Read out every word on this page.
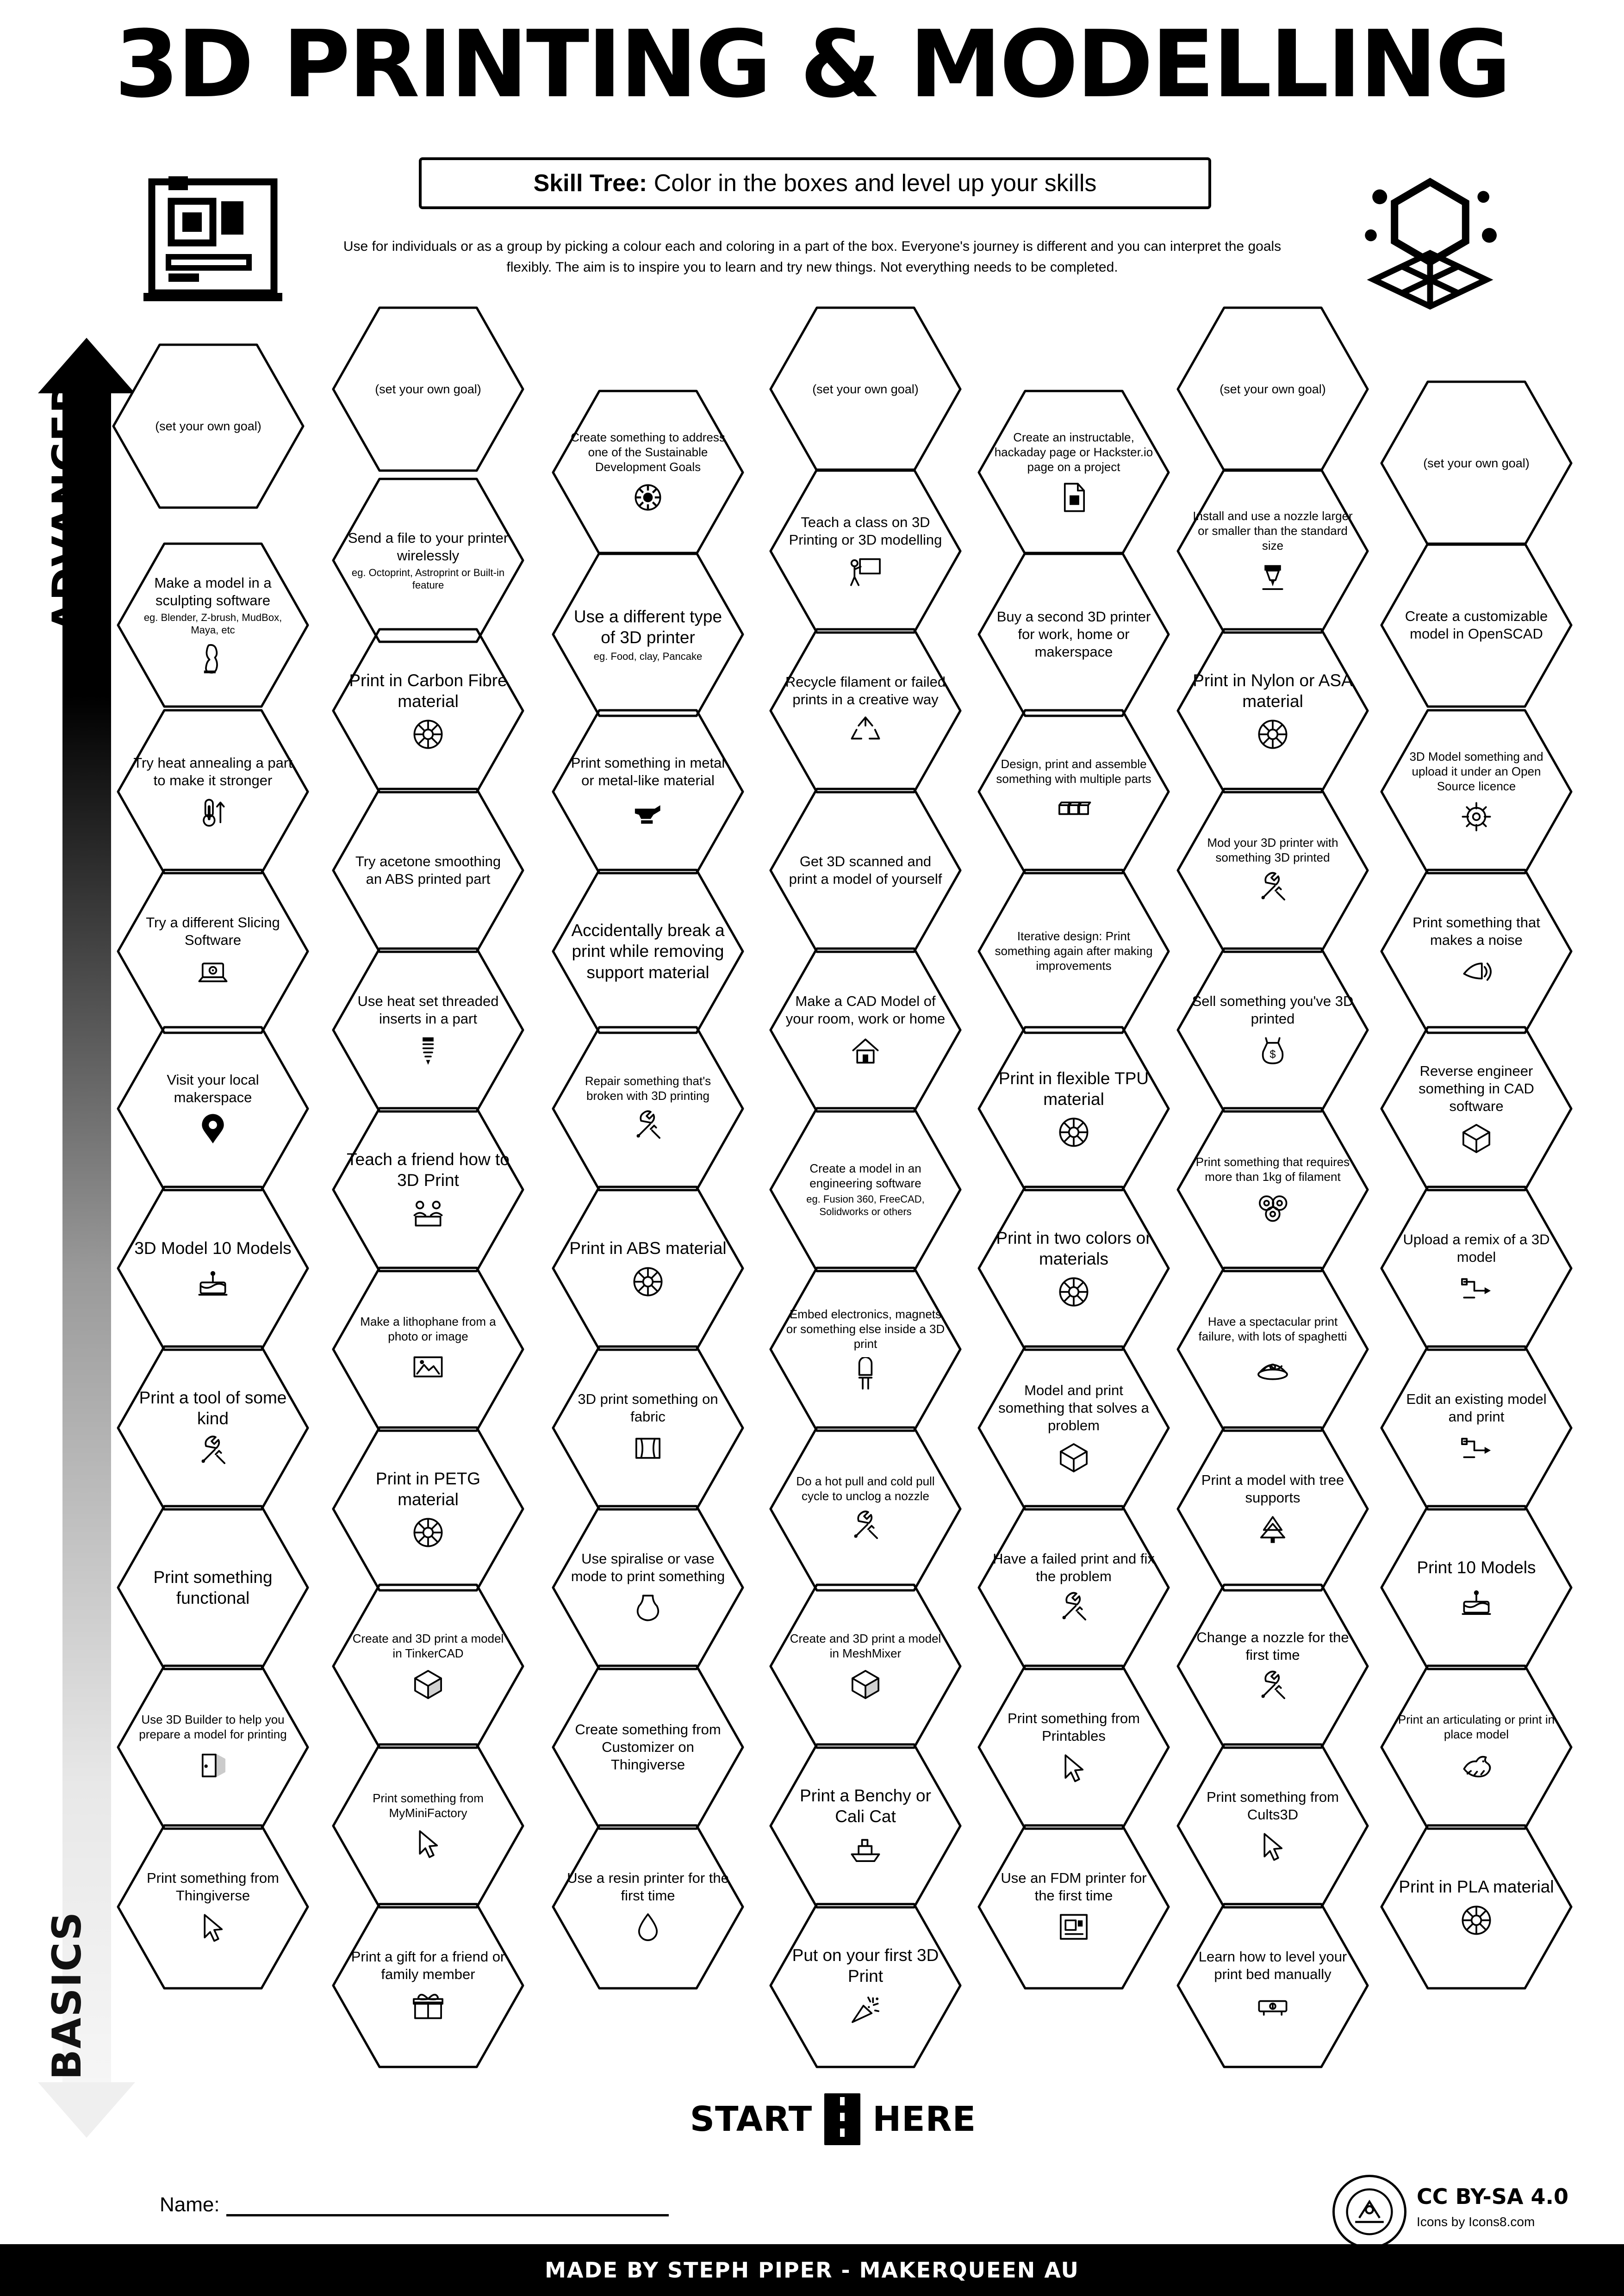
3D PRINTING & MODELLING
Skill Tree: Color in the boxes and level up your skills
Use for individuals or as a group by picking a colour each and coloring in a part of the box. Everyone's journey is different and you can interpret the goals flexibly. The aim is to inspire you to learn and try new things. Not everything needs to be completed.
ADVANCED
BASICS
(set your own goal)
(set your own goal)	(set your own goal)	(set your own goal)
(set your own goal)
Create something to address one of the Sustainable Development Goals
Create an instructable, hackaday page or Hackster.io page on a project
Send a file to your printer wirelessly
eg. Octoprint, Astroprint or Built-in feature
Teach a class on 3D Printing or 3D modelling
Install and use a nozzle larger or smaller than the standard size
Make a model in a sculpting software
eg. Blender, Z-brush, MudBox, Maya, etc
Use a different type of 3D printer
eg. Food, clay, Pancake
Buy a second 3D printer for work, home or makerspace
Create a customizable model in OpenSCAD
Print in Carbon Fibre material
Recycle filament or failed prints in a creative way
Print in Nylon or ASA material
Try heat annealing a part to make it stronger
Print something in metal or metal-like material
Design, print and assemble something with multiple parts
3D Model something and upload it under an Open Source licence
Try acetone smoothing an ABS printed part
Get 3D scanned and print a model of yourself
Mod your 3D printer with something 3D printed
Try a different Slicing Software
Accidentally break a print while removing support material
Iterative design: Print something again after making improvements
Print something that makes a noise
Use heat set threaded inserts in a part
Make a CAD Model of your room, work or home
Sell something you've 3D printed
$
Visit your local makerspace
Repair something that's broken with 3D printing
Print in flexible TPU material
Reverse engineer something in CAD software
Teach a friend how to 3D Print
Create a model in an engineering software
eg. Fusion 360, FreeCAD, Solidworks or others
Print something that requires more than 1kg of filament
3D Model 10 Models	Print in ABS material
Print in two colors or materials
Upload a remix of a 3D model
Make a lithophane from a photo or image
Embed electronics, magnets or something else inside a 3D print
Have a spectacular print failure, with lots of spaghetti
Print a tool of some kind
3D print something on fabric
Model and print something that solves a problem
Edit an existing model and print
Print in PETG material
Do a hot pull and cold pull cycle to unclog a nozzle
Print a model with tree supports
Print something functional
Use spiralise or vase mode to print something
Have a failed print and fix the problem	Print 10 Models
Create and 3D print a model in TinkerCAD
Create and 3D print a model in MeshMixer
Change a nozzle for the first time
Use 3D Builder to help you prepare a model for printing	Create something from Customizer on Thingiverse
Print something from Printables
Print an articulating or print in place model
Print something from MyMiniFactory
Print a Benchy or Cali Cat
Print something from Cults3D
Print something from Thingiverse
Use a resin printer for the first time
Use an FDM printer for the first time	Print in PLA material
Print a gift for a friend or family member
Put on your first 3D Print
Learn how to level your print bed manually
START HERE
Name:	CC BY-SA 4.0
Icons by Icons8.com
MADE BY STEPH PIPER - MAKERQUEEN AU
